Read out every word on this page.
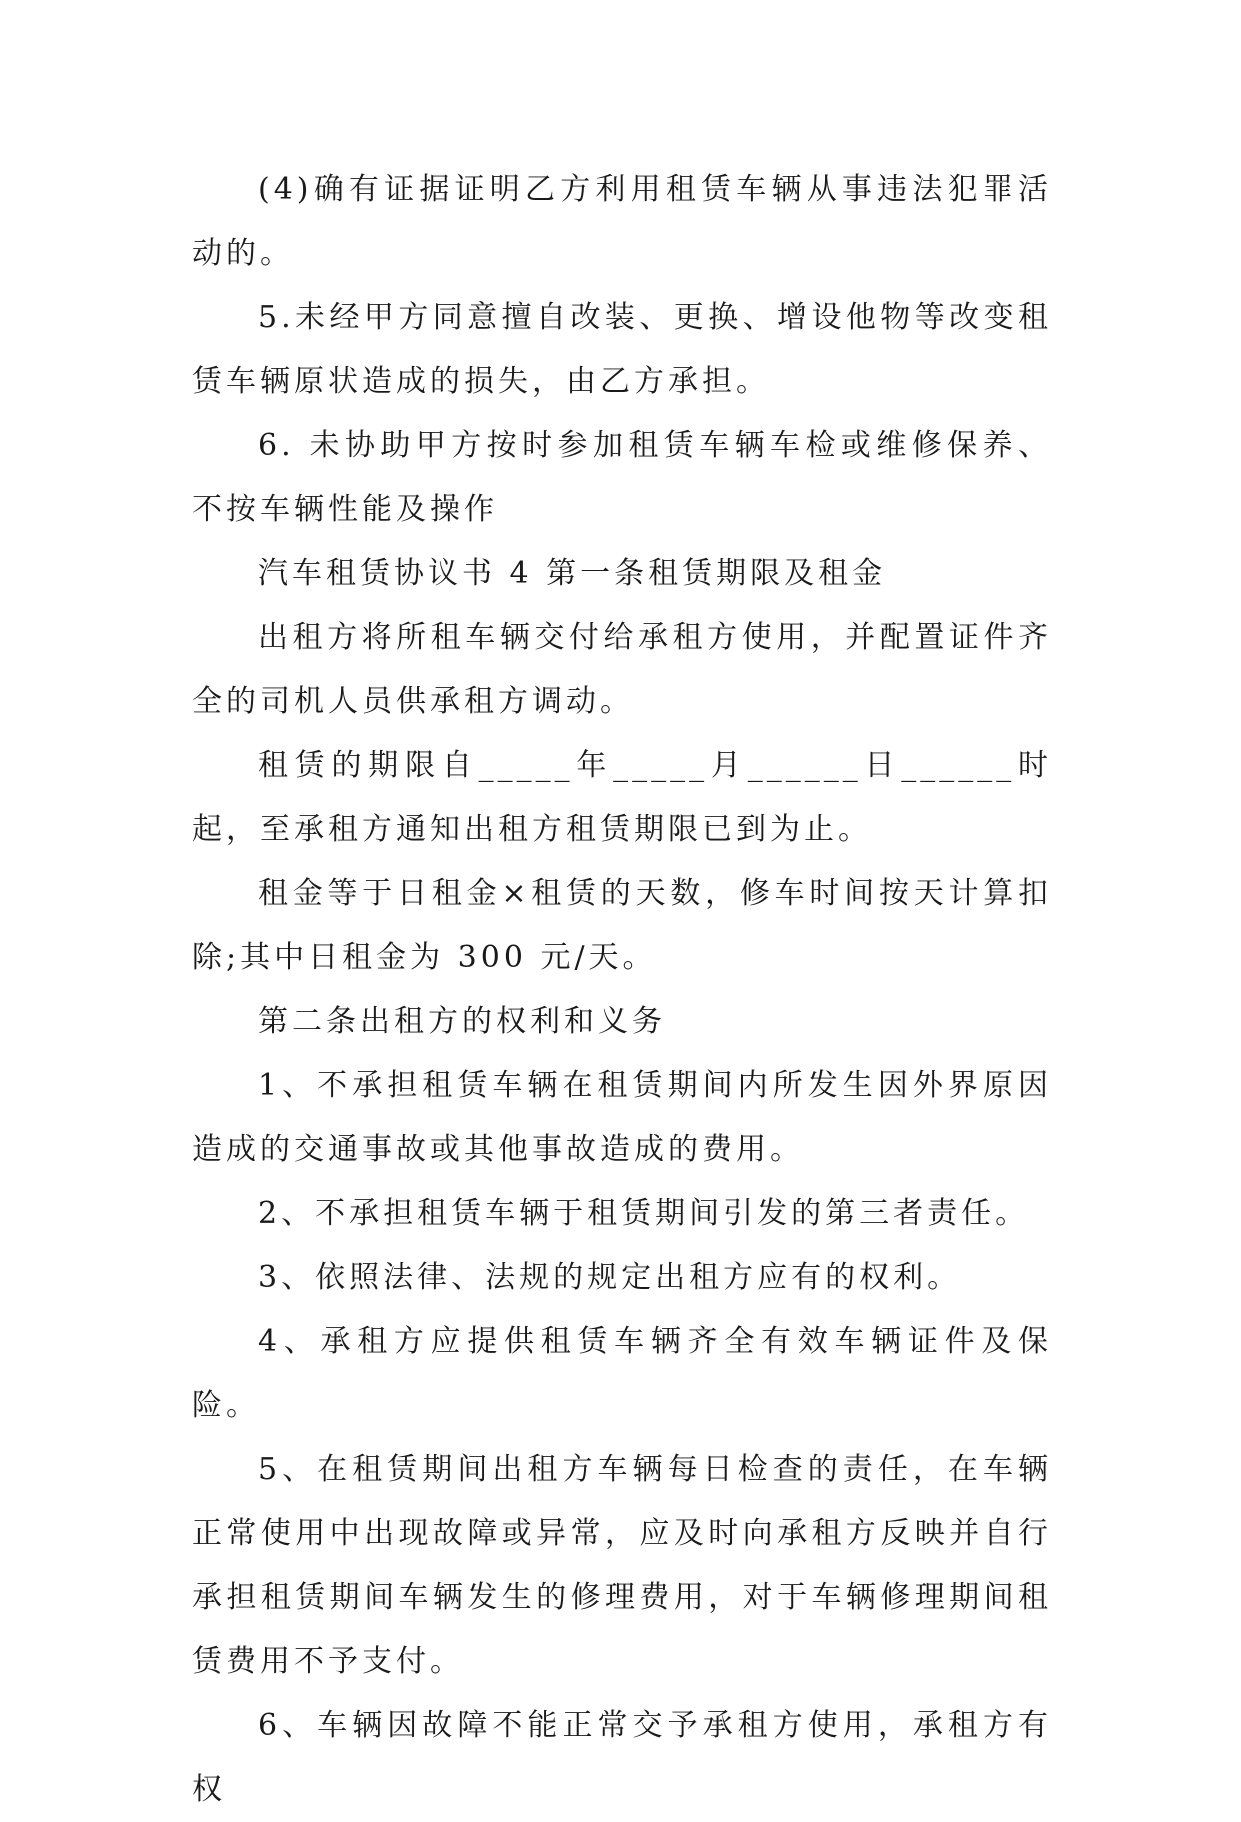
(4)确有证据证明乙方利用租赁车辆从事违法犯罪活动的。

5.未经甲方同意擅自改装、更换、增设他物等改变租赁车辆原状造成的损失，由乙方承担。

6. 未协助甲方按时参加租赁车辆车检或维修保养、不按车辆性能及操作

汽车租赁协议书 4 第一条租赁期限及租金

出租方将所租车辆交付给承租方使用，并配置证件齐全的司机人员供承租方调动。

租赁的期限自_____年_____月______日______时起，至承租方通知出租方租赁期限已到为止。

租金等于日租金×租赁的天数，修车时间按天计算扣除;其中日租金为 300 元/天。

第二条出租方的权利和义务

1、不承担租赁车辆在租赁期间内所发生因外界原因造成的交通事故或其他事故造成的费用。

2、不承担租赁车辆于租赁期间引发的第三者责任。

3、依照法律、法规的规定出租方应有的权利。

4、承租方应提供租赁车辆齐全有效车辆证件及保险。

5、在租赁期间出租方车辆每日检查的责任，在车辆正常使用中出现故障或异常，应及时向承租方反映并自行承担租赁期间车辆发生的修理费用，对于车辆修理期间租赁费用不予支付。

6、车辆因故障不能正常交予承租方使用，承租方有权
